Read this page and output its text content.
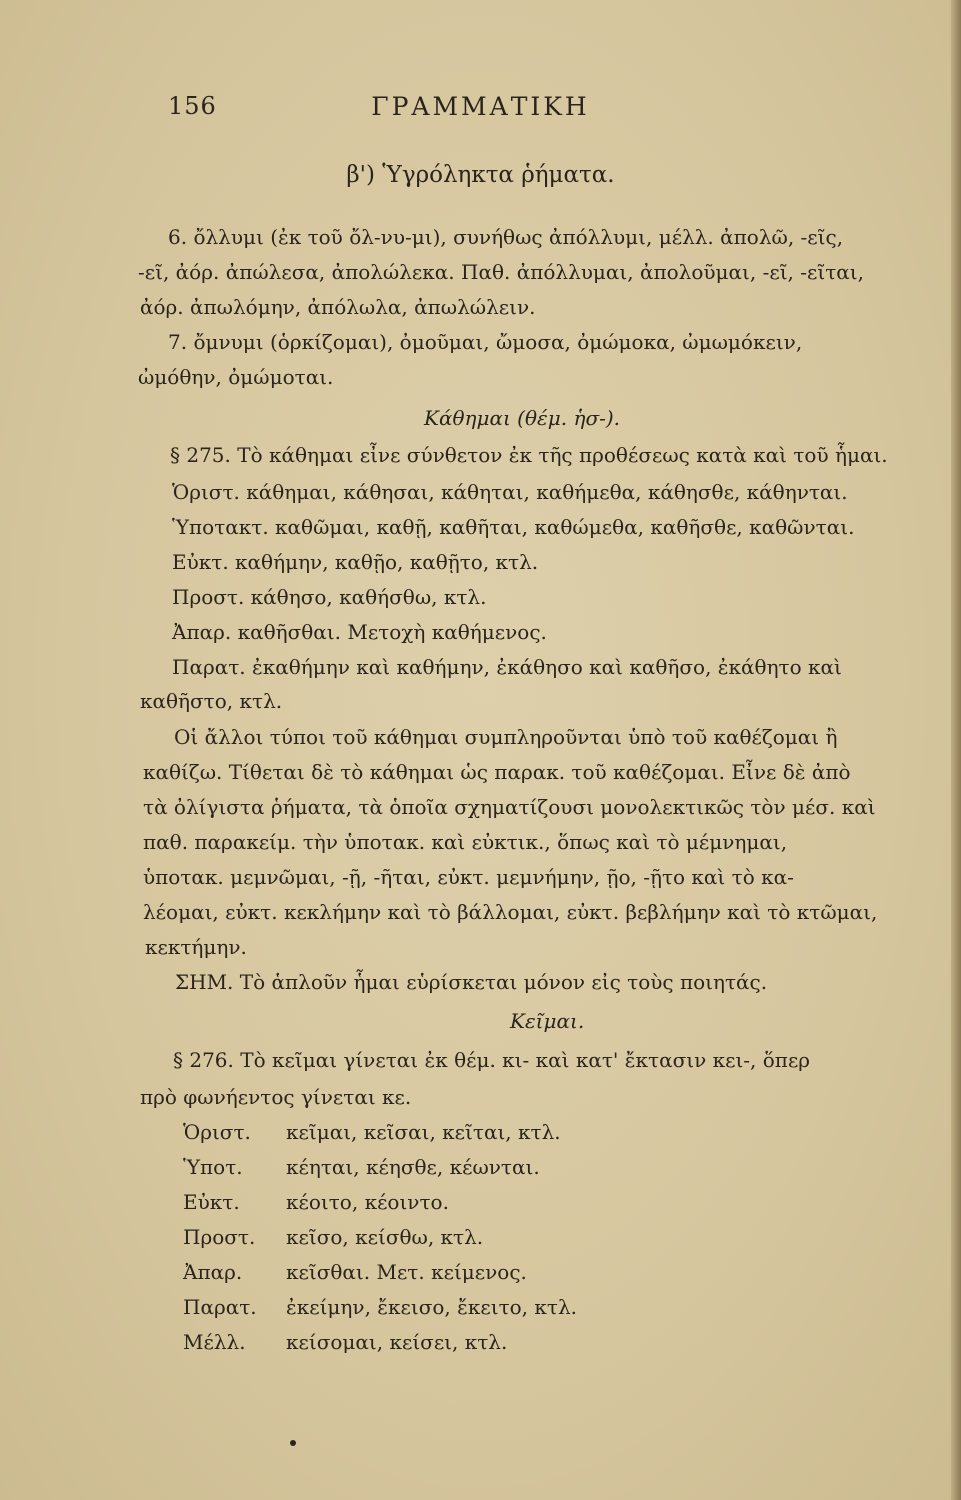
156	ΓΡΑΜΜΑΤΙΚΗ
β') Ὑγρόληκτα ῥήματα.
6. ὄλλυμι (ἐκ τοῦ ὄλ-νυ-μι), συνήθως ἀπόλλυμι, μέλλ. ἀπολῶ, -εῖς,
-εῖ, ἀόρ. ἀπώλεσα, ἀπολώλεκα. Παθ. ἀπόλλυμαι, ἀπολοῦμαι, -εῖ, -εῖται,
ἀόρ. ἀπωλόμην, ἀπόλωλα, ἀπωλώλειν.
7. ὄμνυμι (ὁρκίζομαι), ὀμοῦμαι, ὤμοσα, ὀμώμοκα, ὠμωμόκειν,
ὠμόθην, ὀμώμοται.
Κάθημαι (θέμ. ἡσ-).
§ 275. Τὸ κάθημαι εἶνε σύνθετον ἐκ τῆς προθέσεως κατὰ καὶ τοῦ ἧμαι.
Ὁριστ. κάθημαι, κάθησαι, κάθηται, καθήμεθα, κάθησθε, κάθηνται.
Ὑποτακτ. καθῶμαι, καθῇ, καθῆται, καθώμεθα, καθῆσθε, καθῶνται.
Εὐκτ. καθήμην, καθῇο, καθῇτο, κτλ.
Προστ. κάθησο, καθήσθω, κτλ.
Ἀπαρ. καθῆσθαι. Μετοχὴ καθήμενος.
Παρατ. ἐκαθήμην καὶ καθήμην, ἐκάθησο καὶ καθῆσο, ἐκάθητο καὶ
καθῆστο, κτλ.
Οἱ ἄλλοι τύποι τοῦ κάθημαι συμπληροῦνται ὑπὸ τοῦ καθέζομαι ἢ
καθίζω. Τίθεται δὲ τὸ κάθημαι ὡς παρακ. τοῦ καθέζομαι. Εἶνε δὲ ἀπὸ
τὰ ὀλίγιστα ῥήματα, τὰ ὁποῖα σχηματίζουσι μονολεκτικῶς τὸν μέσ. καὶ
παθ. παρακείμ. τὴν ὑποτακ. καὶ εὐκτικ., ὅπως καὶ τὸ μέμνημαι,
ὑποτακ. μεμνῶμαι, -ῇ, -ῆται, εὐκτ. μεμνήμην, ῇο, -ῇτο καὶ τὸ κα-
λέομαι, εὐκτ. κεκλήμην καὶ τὸ βάλλομαι, εὐκτ. βεβλήμην καὶ τὸ κτῶμαι,
κεκτήμην.
ΣΗΜ. Τὸ ἁπλοῦν ἧμαι εὑρίσκεται μόνον εἰς τοὺς ποιητάς.
Κεῖμαι.
§ 276. Τὸ κεῖμαι γίνεται ἐκ θέμ. κι- καὶ κατ' ἔκτασιν κει-, ὅπερ
πρὸ φωνήεντος γίνεται κε.
Ὁριστ. κεῖμαι, κεῖσαι, κεῖται, κτλ.
Ὑποτ. κέηται, κέησθε, κέωνται.
Εὐκτ. κέοιτο, κέοιντο.
Προστ. κεῖσο, κείσθω, κτλ.
Ἀπαρ. κεῖσθαι. Μετ. κείμενος.
Παρατ. ἐκείμην, ἔκεισο, ἔκειτο, κτλ.
Μέλλ. κείσομαι, κείσει, κτλ.
